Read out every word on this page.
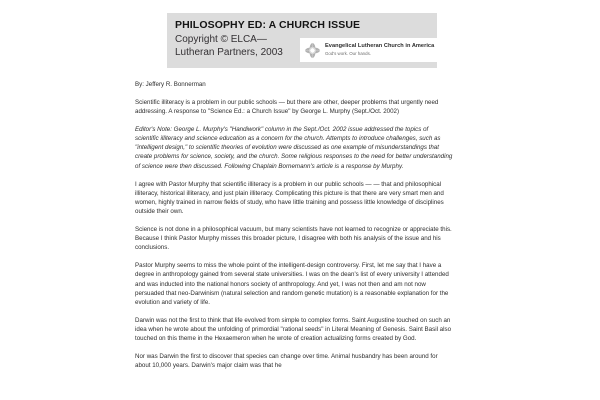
PHILOSOPHY ED: A CHURCH ISSUE
Copyright © ELCA—Lutheran Partners, 2003
Evangelical Lutheran Church in America
God's work. Our hands.
By: Jeffery R. Bonnerman

Scientific illiteracy is a problem in our public schools — but there are other, deeper problems that urgently need addressing. A response to "Science Ed.: a Church Issue" by George L. Murphy (Sept./Oct. 2002)

Editor's Note: George L. Murphy's "Handiwork" column in the Sept./Oct. 2002 issue addressed the topics of scientific illiteracy and science education as a concern for the church. Attempts to introduce challenges, such as "intelligent design," to scientific theories of evolution were discussed as one example of misunderstandings that create problems for science, society, and the church. Some religious responses to the need for better understanding of science were then discussed. Following Chaplain Bornemann's article is a response by Murphy.

I agree with Pastor Murphy that scientific illiteracy is a problem in our public schools — — that and philosophical illiteracy, historical illiteracy, and just plain illiteracy. Complicating this picture is that there are very smart men and women, highly trained in narrow fields of study, who have little training and possess little knowledge of disciplines outside their own.

Science is not done in a philosophical vacuum, but many scientists have not learned to recognize or appreciate this. Because I think Pastor Murphy misses this broader picture, I disagree with both his analysis of the issue and his conclusions.

Pastor Murphy seems to miss the whole point of the intelligent-design controversy. First, let me say that I have a degree in anthropology gained from several state universities. I was on the dean's list of every university I attended and was inducted into the national honors society of anthropology. And yet, I was not then and am not now persuaded that neo-Darwinism (natural selection and random genetic mutation) is a reasonable explanation for the evolution and variety of life.

Darwin was not the first to think that life evolved from simple to complex forms. Saint Augustine touched on such an idea when he wrote about the unfolding of primordial "rational seeds" in Literal Meaning of Genesis. Saint Basil also touched on this theme in the Hexaemeron when he wrote of creation actualizing forms created by God.

Nor was Darwin the first to discover that species can change over time. Animal husbandry has been around for about 10,000 years. Darwin's major claim was that he
